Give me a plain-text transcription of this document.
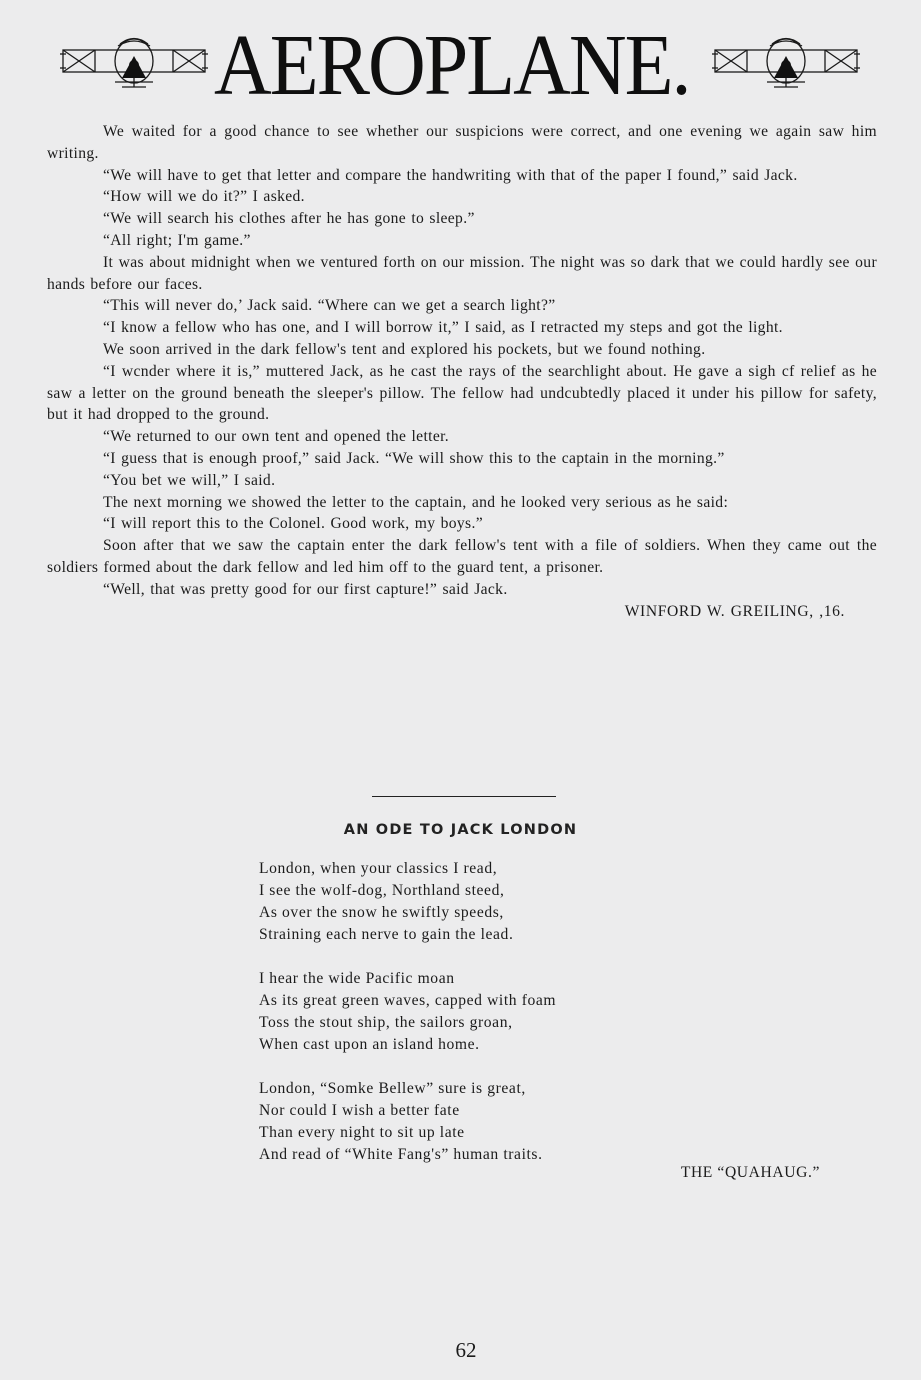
AEROPLANE.

We waited for a good chance to see whether our suspicions were correct, and one evening we again saw him writing.

“We will have to get that letter and compare the handwriting with that of the paper I found,” said Jack.

“How will we do it?” I asked.

“We will search his clothes after he has gone to sleep.”

“All right; I'm game.”

It was about midnight when we ventured forth on our mission. The night was so dark that we could hardly see our hands before our faces.

“This will never do,’ Jack said. “Where can we get a search light?”

“I know a fellow who has one, and I will borrow it,” I said, as I retracted my steps and got the light.

We soon arrived in the dark fellow's tent and explored his pockets, but we found nothing.

“I wcnder where it is,” muttered Jack, as he cast the rays of the searchlight about. He gave a sigh cf relief as he saw a letter on the ground beneath the sleeper's pillow. The fellow had undcubtedly placed it under his pillow for safety, but it had dropped to the ground.

“We returned to our own tent and opened the letter.

“I guess that is enough proof,” said Jack. “We will show this to the captain in the morning.”

“You bet we will,” I said.

The next morning we showed the letter to the captain, and he looked very serious as he said:

“I will report this to the Colonel. Good work, my boys.”

Soon after that we saw the captain enter the dark fellow's tent with a file of soldiers. When they came out the soldiers formed about the dark fellow and led him off to the guard tent, a prisoner.

“Well, that was pretty good for our first capture!” said Jack.

WINFORD W. GREILING, ,16.

AN ODE TO JACK LONDON
London, when your classics I read,
I see the wolf-dog, Northland steed,
As over the snow he swiftly speeds,
Straining each nerve to gain the lead.
I hear the wide Pacific moan
As its great green waves, capped with foam
Toss the stout ship, the sailors groan,
When cast upon an island home.
London, “Somke Bellew” sure is great,
Nor could I wish a better fate
Than every night to sit up late
And read of “White Fang's” human traits.
THE “QUAHAUG.”
62
